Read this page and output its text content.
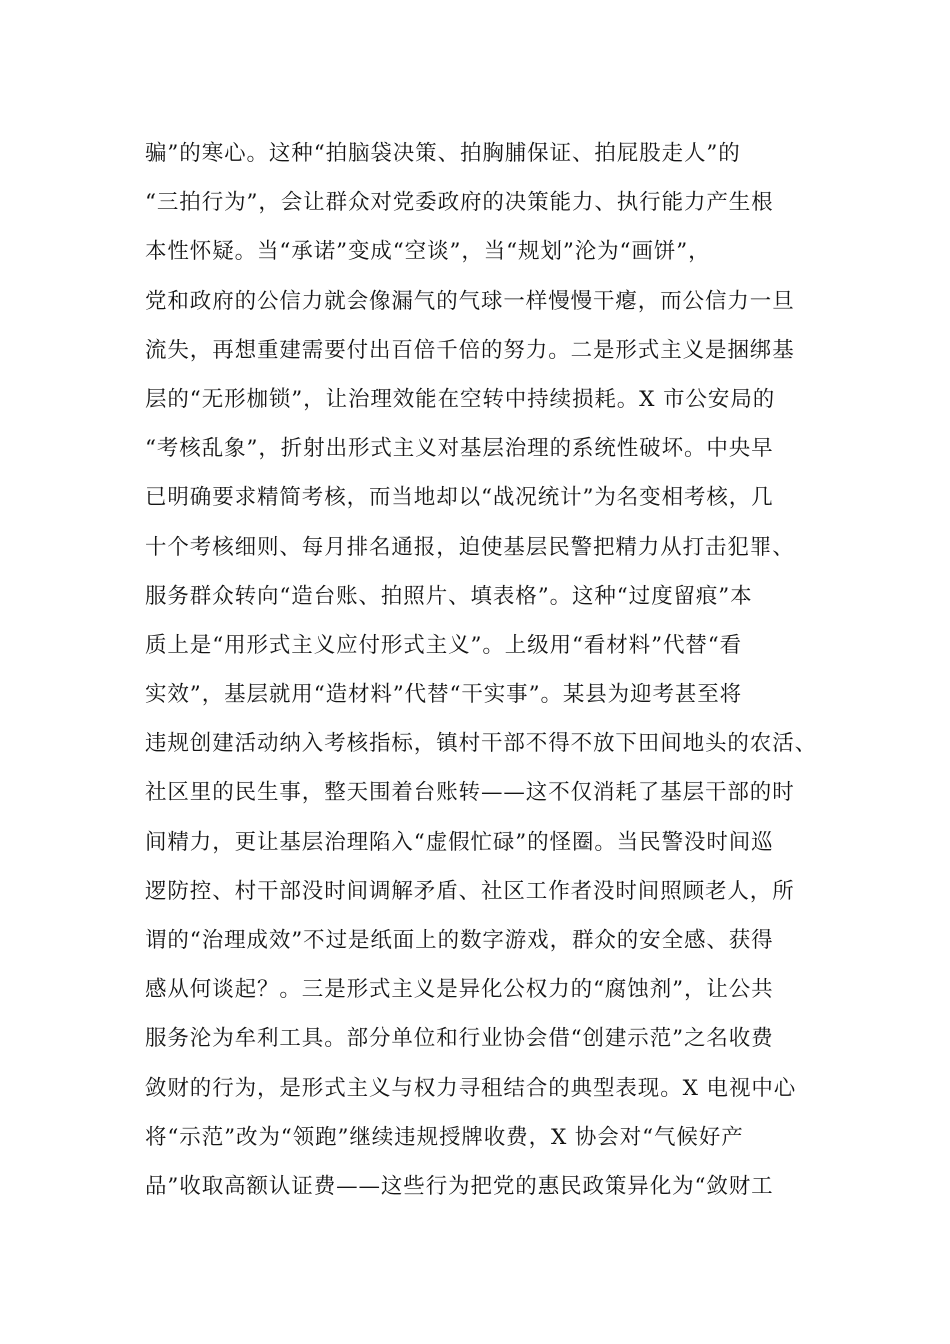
骗”的寒心。这种“拍脑袋决策、拍胸脯保证、拍屁股走人”的
“三拍行为”，会让群众对党委政府的决策能力、执行能力产生根
本性怀疑。当“承诺”变成“空谈”，当“规划”沦为“画饼”，
党和政府的公信力就会像漏气的气球一样慢慢干瘪，而公信力一旦
流失，再想重建需要付出百倍千倍的努力。二是形式主义是捆绑基
层的“无形枷锁”，让治理效能在空转中持续损耗。X 市公安局的
“考核乱象”，折射出形式主义对基层治理的系统性破坏。中央早
已明确要求精简考核，而当地却以“战况统计”为名变相考核，几
十个考核细则、每月排名通报，迫使基层民警把精力从打击犯罪、
服务群众转向“造台账、拍照片、填表格”。这种“过度留痕”本
质上是“用形式主义应付形式主义”。上级用“看材料”代替“看
实效”，基层就用“造材料”代替“干实事”。某县为迎考甚至将
违规创建活动纳入考核指标，镇村干部不得不放下田间地头的农活、
社区里的民生事，整天围着台账转——这不仅消耗了基层干部的时
间精力，更让基层治理陷入“虚假忙碌”的怪圈。当民警没时间巡
逻防控、村干部没时间调解矛盾、社区工作者没时间照顾老人，所
谓的“治理成效”不过是纸面上的数字游戏，群众的安全感、获得
感从何谈起？。三是形式主义是异化公权力的“腐蚀剂”，让公共
服务沦为牟利工具。部分单位和行业协会借“创建示范”之名收费
敛财的行为，是形式主义与权力寻租结合的典型表现。X 电视中心
将“示范”改为“领跑”继续违规授牌收费，X 协会对“气候好产
品”收取高额认证费——这些行为把党的惠民政策异化为“敛财工
